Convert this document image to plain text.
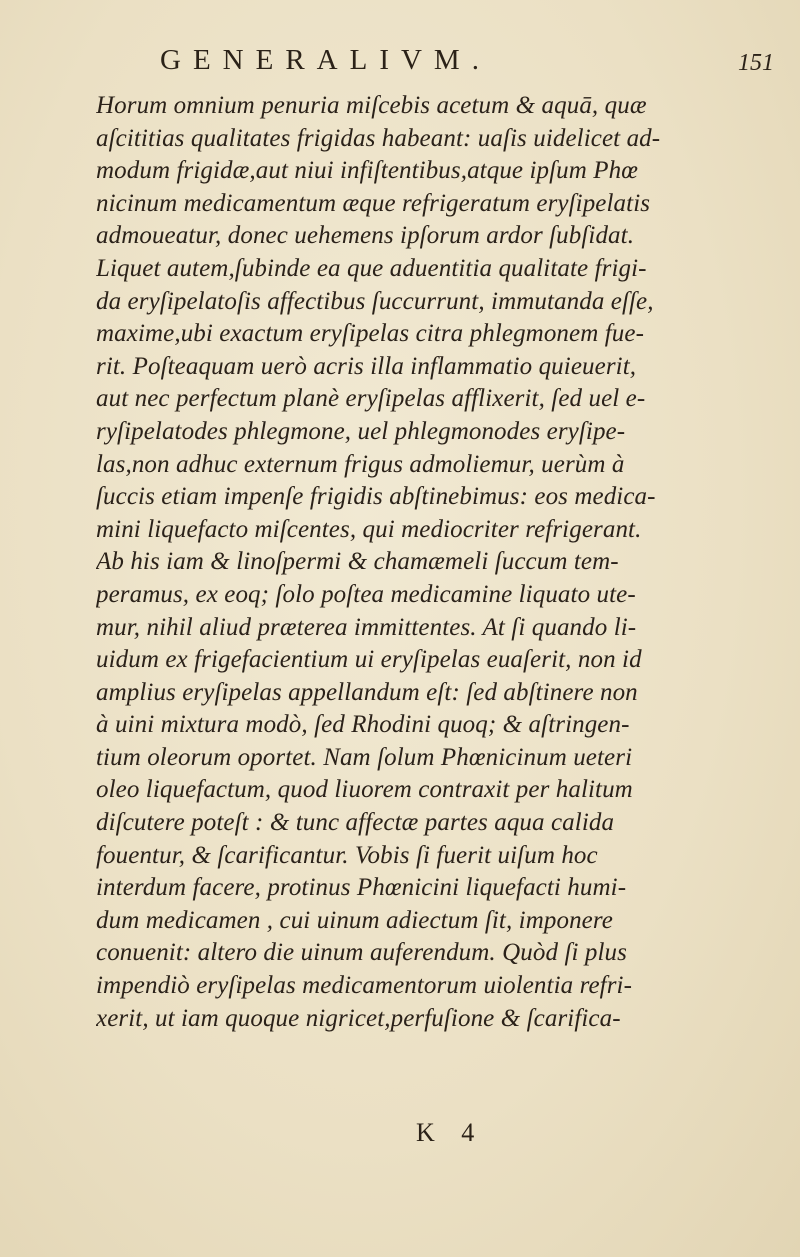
GENERALIVM.	151
Horum omnium penuria miſcebis acetum & aquā, quæ
aſcititias qualitates frigidas habeant: uaſis uidelicet ad-
modum frigidæ,aut niui infiſtentibus,atque ipſum Phœ
nicinum medicamentum æque refrigeratum eryſipelatis
admoueatur, donec uehemens ipſorum ardor ſubſidat.
Liquet autem,ſubinde ea que aduentitia qualitate frigi-
da eryſipelatoſis affectibus ſuccurrunt, immutanda eſſe,
maxime,ubi exactum eryſipelas citra phlegmonem fue-
rit. Poſteaquam uerò acris illa inflammatio quieuerit,
aut nec perfectum planè eryſipelas afflixerit, ſed uel e-
ryſipelatodes phlegmone, uel phlegmonodes eryſipe-
las,non adhuc externum frigus admoliemur, uerùm à
ſuccis etiam impenſe frigidis abſtinebimus: eos medica-
mini liquefacto miſcentes, qui mediocriter refrigerant.
Ab his iam & linoſpermi & chamæmeli ſuccum tem-
peramus, ex eoq; ſolo poſtea medicamine liquato ute-
mur, nihil aliud præterea immittentes. At ſi quando li-
uidum ex frigefacientium ui eryſipelas euaſerit, non id
amplius eryſipelas appellandum eſt: ſed abſtinere non
à uini mixtura modò, ſed Rhodini quoq; & aſtringen-
tium oleorum oportet. Nam ſolum Phœnicinum ueteri
oleo liquefactum, quod liuorem contraxit per halitum
diſcutere poteſt : & tunc affectæ partes aqua calida
fouentur, & ſcarificantur. Vobis ſi fuerit uiſum hoc
interdum facere, protinus Phœnicini liquefacti humi-
dum medicamen , cui uinum adiectum ſit, imponere
conuenit: altero die uinum auferendum. Quòd ſi plus
impendiò eryſipelas medicamentorum uiolentia refri-
xerit, ut iam quoque nigricet,perfuſione & ſcarifica-
K 4
